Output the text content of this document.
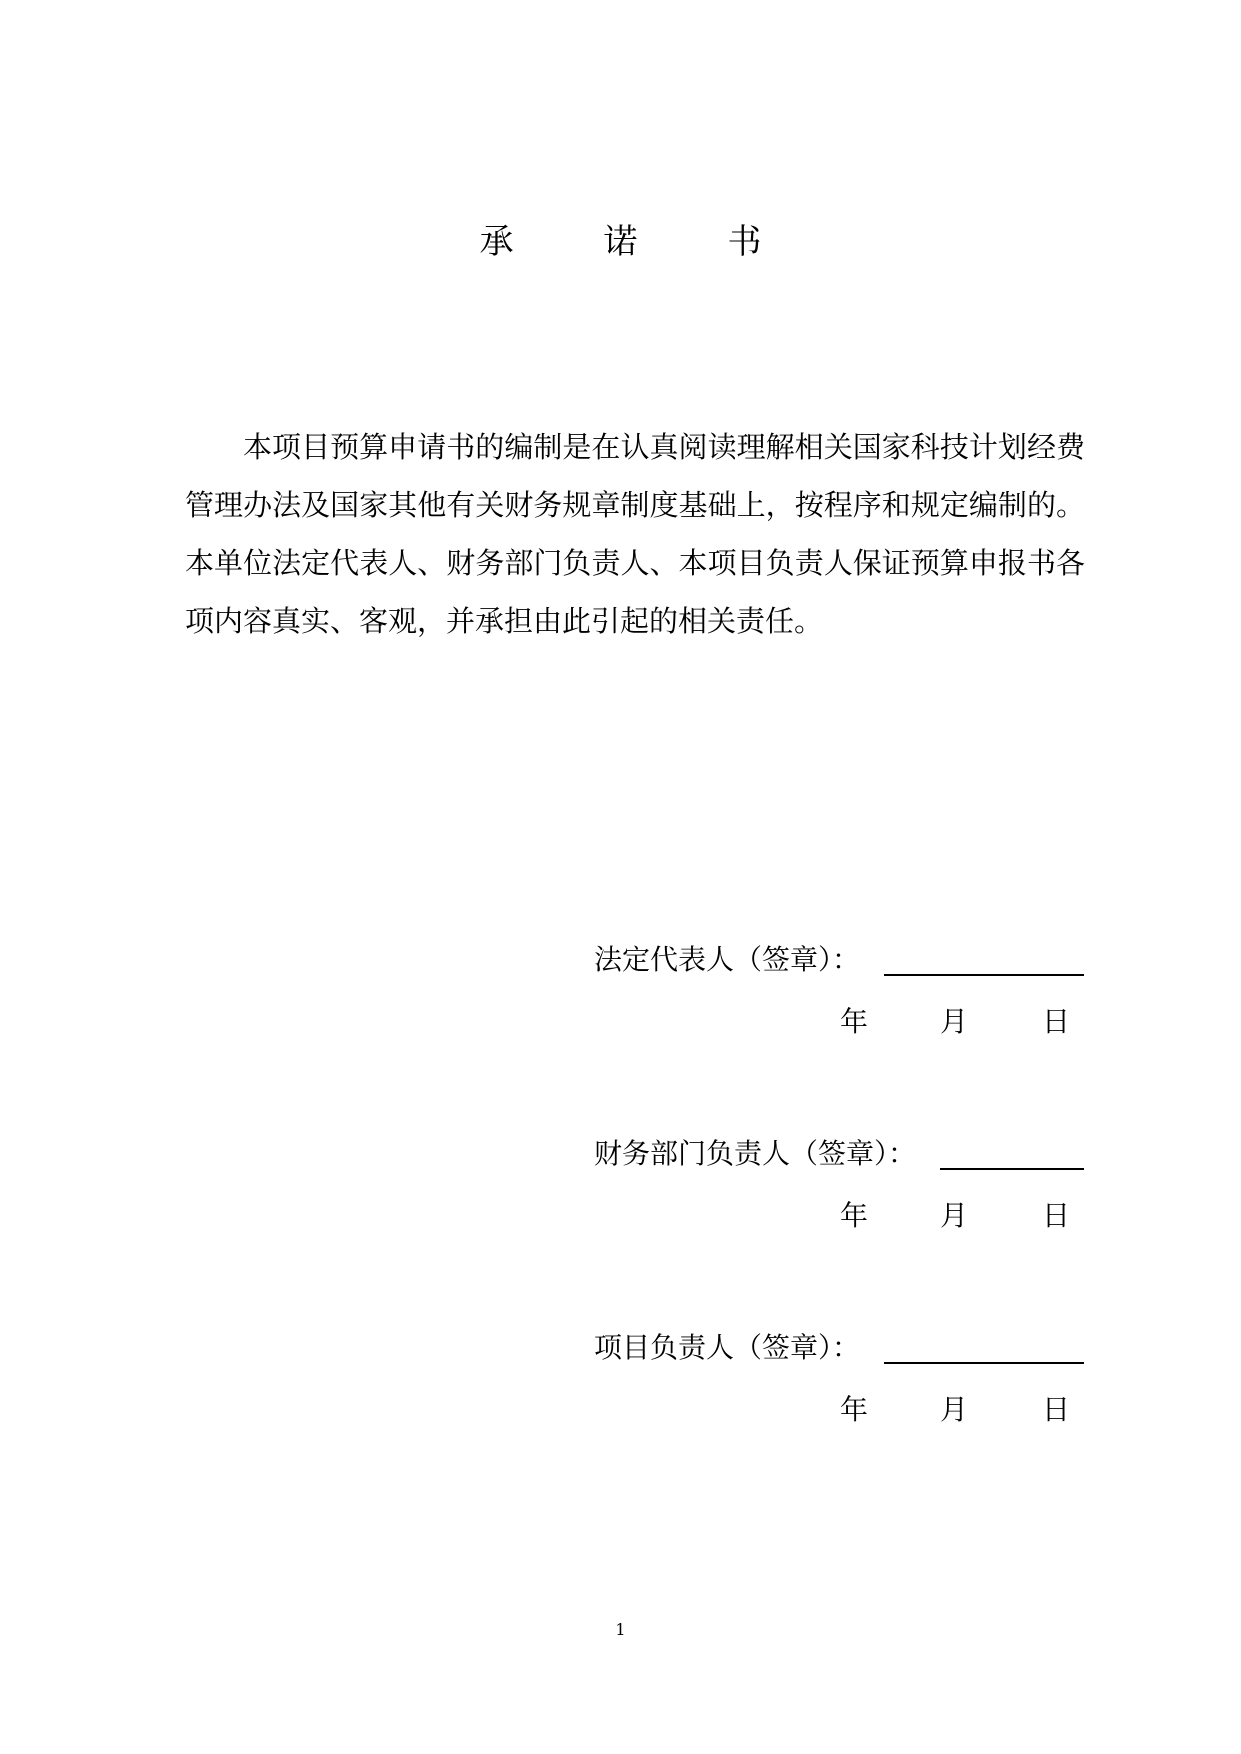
承	诺	书
本项目预算申请书的编制是在认真阅读理解相关国家科技计划经费管理办法及国家其他有关财务规章制度基础上，按程序和规定编制的。本单位法定代表人、财务部门负责人、本项目负责人保证预算申报书各项内容真实、客观，并承担由此引起的相关责任。
法定代表人（签章）：
年	月	日
财务部门负责人（签章）：
年	月	日
项目负责人（签章）：
年	月	日
1
